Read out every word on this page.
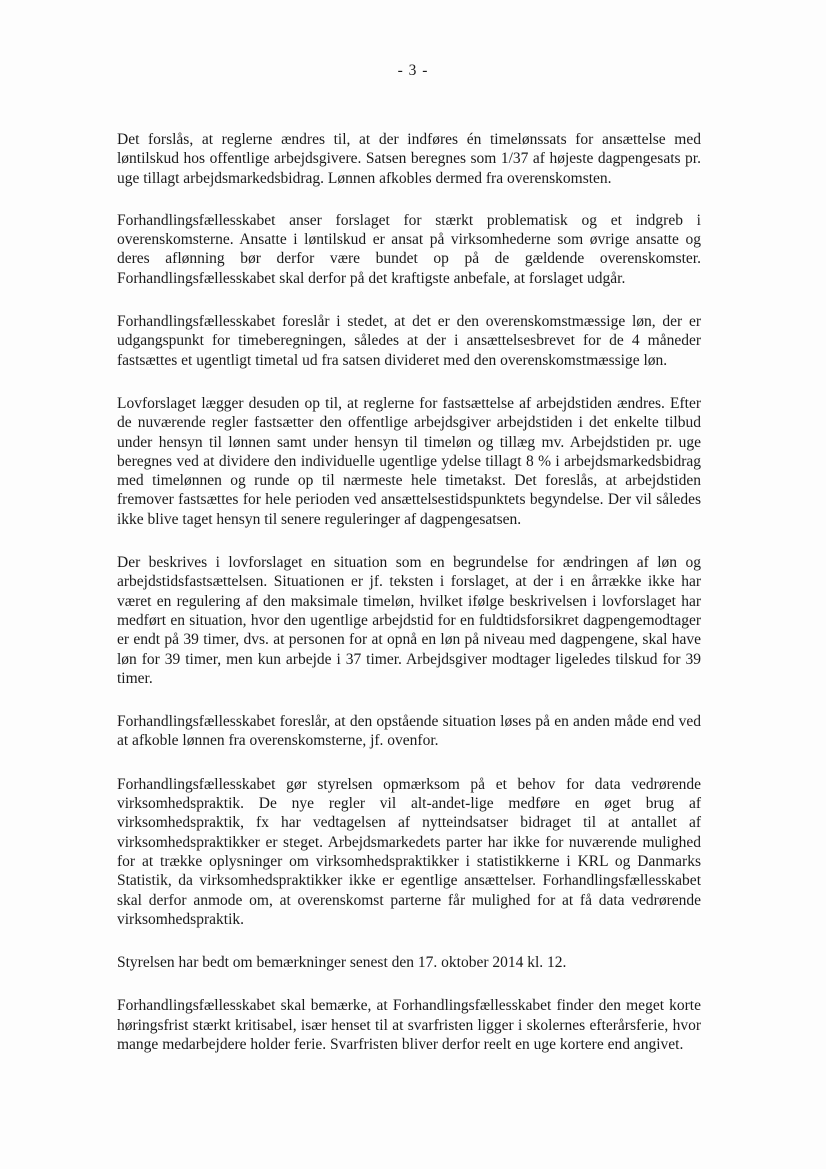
- 3 -

Det forslås, at reglerne ændres til, at der indføres én timelønssats for ansættelse med løntilskud hos offentlige arbejdsgivere. Satsen beregnes som 1/37 af højeste dagpengesats pr. uge tillagt arbejdsmarkedsbidrag. Lønnen afkobles dermed fra overenskomsten.

Forhandlingsfællesskabet anser forslaget for stærkt problematisk og et indgreb i overenskomsterne. Ansatte i løntilskud er ansat på virksomhederne som øvrige ansatte og deres aflønning bør derfor være bundet op på de gældende overenskomster. Forhandlingsfællesskabet skal derfor på det kraftigste anbefale, at forslaget udgår.

Forhandlingsfællesskabet foreslår i stedet, at det er den overenskomstmæssige løn, der er udgangspunkt for timeberegningen, således at der i ansættelsesbrevet for de 4 måneder fastsættes et ugentligt timetal ud fra satsen divideret med den overenskomstmæssige løn.

Lovforslaget lægger desuden op til, at reglerne for fastsættelse af arbejdstiden ændres. Efter de nuværende regler fastsætter den offentlige arbejdsgiver arbejdstiden i det enkelte tilbud under hensyn til lønnen samt under hensyn til timeløn og tillæg mv. Arbejdstiden pr. uge beregnes ved at dividere den individuelle ugentlige ydelse tillagt 8 % i arbejdsmarkedsbidrag med timelønnen og runde op til nærmeste hele timetakst. Det foreslås, at arbejdstiden fremover fastsættes for hele perioden ved ansættelsestidspunktets begyndelse. Der vil således ikke blive taget hensyn til senere reguleringer af dagpengesatsen.

Der beskrives i lovforslaget en situation som en begrundelse for ændringen af løn og arbejdstidsfastsættelsen. Situationen er jf. teksten i forslaget, at der i en årrække ikke har været en regulering af den maksimale timeløn, hvilket ifølge beskrivelsen i lovforslaget har medført en situation, hvor den ugentlige arbejdstid for en fuldtidsforsikret dagpengemodtager er endt på 39 timer, dvs. at personen for at opnå en løn på niveau med dagpengene, skal have løn for 39 timer, men kun arbejde i 37 timer. Arbejdsgiver modtager ligeledes tilskud for 39 timer.

Forhandlingsfællesskabet foreslår, at den opstående situation løses på en anden måde end ved at afkoble lønnen fra overenskomsterne, jf. ovenfor.

Forhandlingsfællesskabet gør styrelsen opmærksom på et behov for data vedrørende virksomhedspraktik. De nye regler vil alt-andet-lige medføre en øget brug af virksomhedspraktik, fx har vedtagelsen af nytteindsatser bidraget til at antallet af virksomhedspraktikker er steget. Arbejdsmarkedets parter har ikke for nuværende mulighed for at trække oplysninger om virksomhedspraktikker i statistikkerne i KRL og Danmarks Statistik, da virksomhedspraktikker ikke er egentlige ansættelser. Forhandlingsfællesskabet skal derfor anmode om, at overenskomst parterne får mulighed for at få data vedrørende virksomhedspraktik.

Styrelsen har bedt om bemærkninger senest den 17. oktober 2014 kl. 12.

Forhandlingsfællesskabet skal bemærke, at Forhandlingsfællesskabet finder den meget korte høringsfrist stærkt kritisabel, især henset til at svarfristen ligger i skolernes efterårsferie, hvor mange medarbejdere holder ferie. Svarfristen bliver derfor reelt en uge kortere end angivet.
